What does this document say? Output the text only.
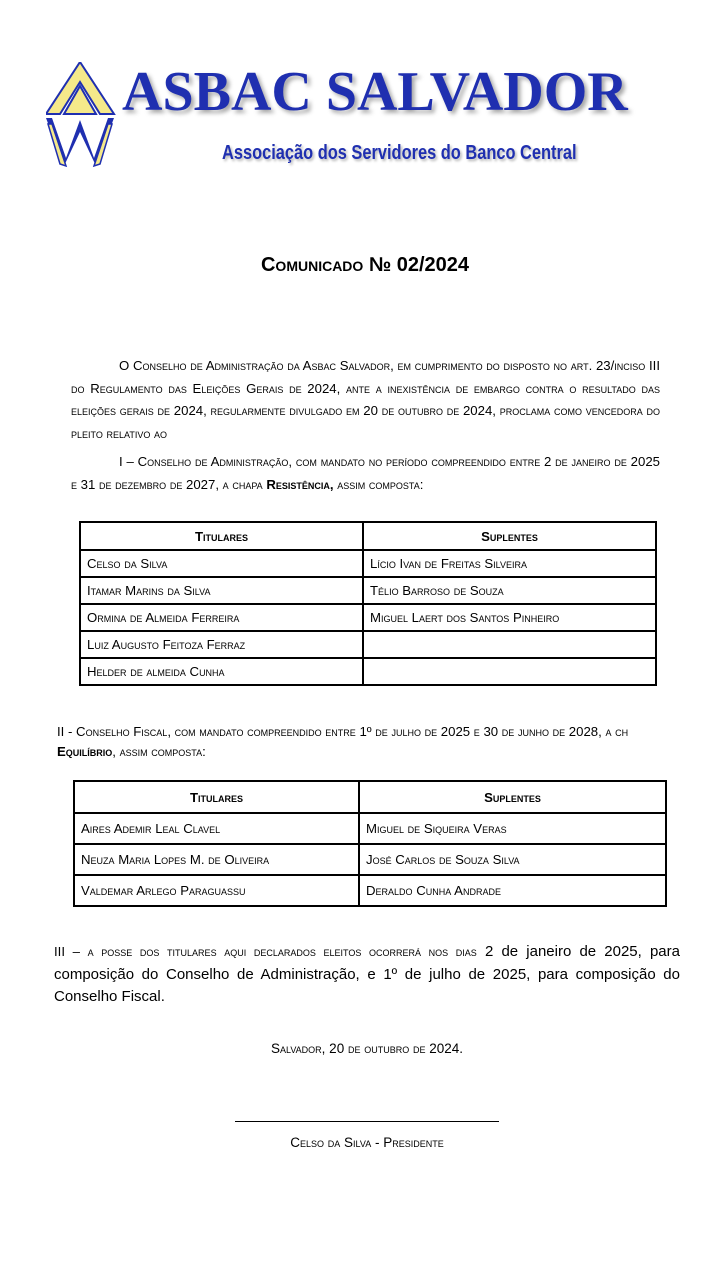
ASBAC SALVADOR
Associação dos Servidores do Banco Central
Comunicado № 02/2024
O Conselho de Administração da Asbac Salvador, em cumprimento do disposto no art. 23/inciso III do Regulamento das Eleições Gerais de 2024, ante a inexistência de embargo contra o resultado das eleições gerais de 2024, regularmente divulgado em 20 de outubro de 2024, proclama como vencedora do pleito relativo ao
I – Conselho de Administração, com mandato no período compreendido entre 2 de janeiro de 2025 e 31 de dezembro de 2027, a chapa Resistência, assim composta:
Titulares	Suplentes
Celso da Silva	Lício Ivan de Freitas Silveira
Itamar Marins da Silva	Télio Barroso de Souza
Ormina de Almeida Ferreira	Miguel Laert dos Santos Pinheiro
Luiz Augusto Feitoza Ferraz	
Helder de almeida Cunha	
II - Conselho Fiscal, com mandato compreendido entre 1º de julho de 2025 e 30 de junho de 2028, a ch
Equilíbrio, assim composta:
Titulares	Suplentes
Aires Ademir Leal Clavel	Miguel de Siqueira Veras
Neuza Maria Lopes M. de Oliveira	José Carlos de Souza Silva
Valdemar Arlego Paraguassu	Deraldo Cunha Andrade
III – a posse dos titulares aqui declarados eleitos ocorrerá nos dias 2 de janeiro de 2025, para composição do Conselho de Administração, e 1º de julho de 2025, para composição do Conselho Fiscal.
Salvador, 20 de outubro de 2024.
Celso da Silva - Presidente
